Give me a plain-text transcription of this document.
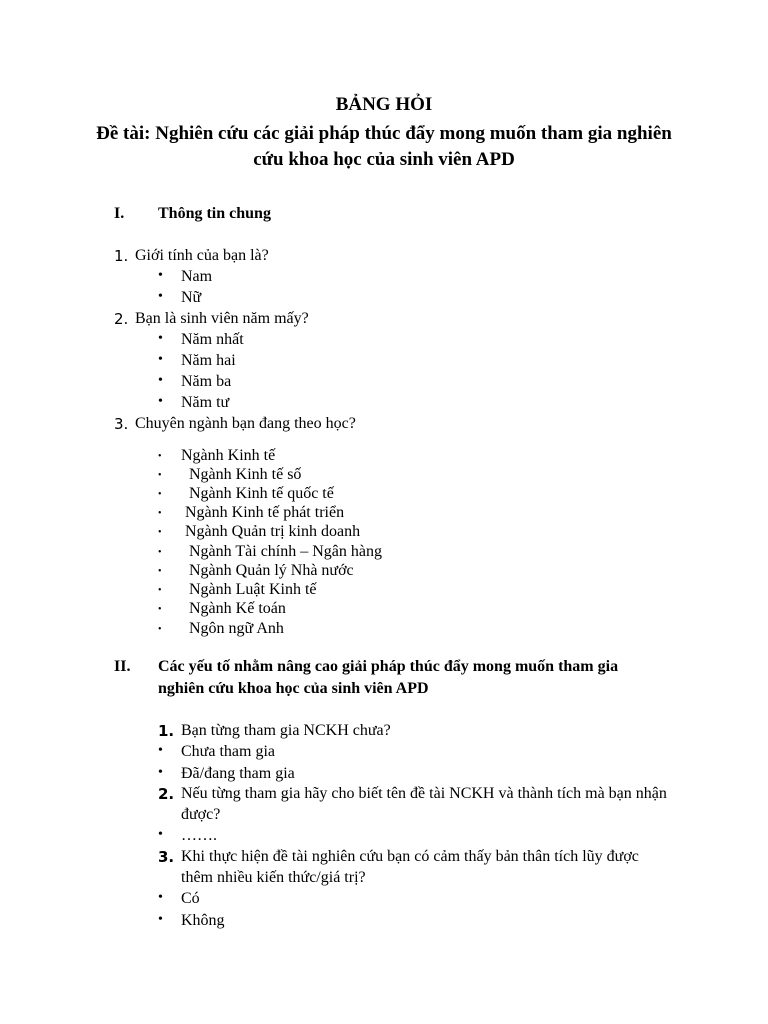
BẢNG HỎI
Đề tài: Nghiên cứu các giải pháp thúc đẩy mong muốn tham gia nghiên cứu khoa học của sinh viên APD
I. Thông tin chung
1. Giới tính của bạn là?
• Nam
• Nữ
2. Bạn là sinh viên năm mấy?
• Năm nhất
• Năm hai
• Năm ba
• Năm tư
3. Chuyên ngành bạn đang theo học?
• Ngành Kinh tế
• Ngành Kinh tế số
• Ngành Kinh tế quốc tế
• Ngành Kinh tế phát triển
• Ngành Quản trị kinh doanh
• Ngành Tài chính – Ngân hàng
• Ngành Quản lý Nhà nước
• Ngành Luật Kinh tế
• Ngành Kế toán
• Ngôn ngữ Anh
II. Các yếu tố nhằm nâng cao giải pháp thúc đẩy mong muốn tham gia
nghiên cứu khoa học của sinh viên APD
1. Bạn từng tham gia NCKH chưa?
• Chưa tham gia
• Đã/đang tham gia
2. Nếu từng tham gia hãy cho biết tên đề tài NCKH và thành tích mà bạn nhận
được?
• …….
3. Khi thực hiện đề tài nghiên cứu bạn có cảm thấy bản thân tích lũy được
thêm nhiều kiến thức/giá trị?
• Có
• Không
